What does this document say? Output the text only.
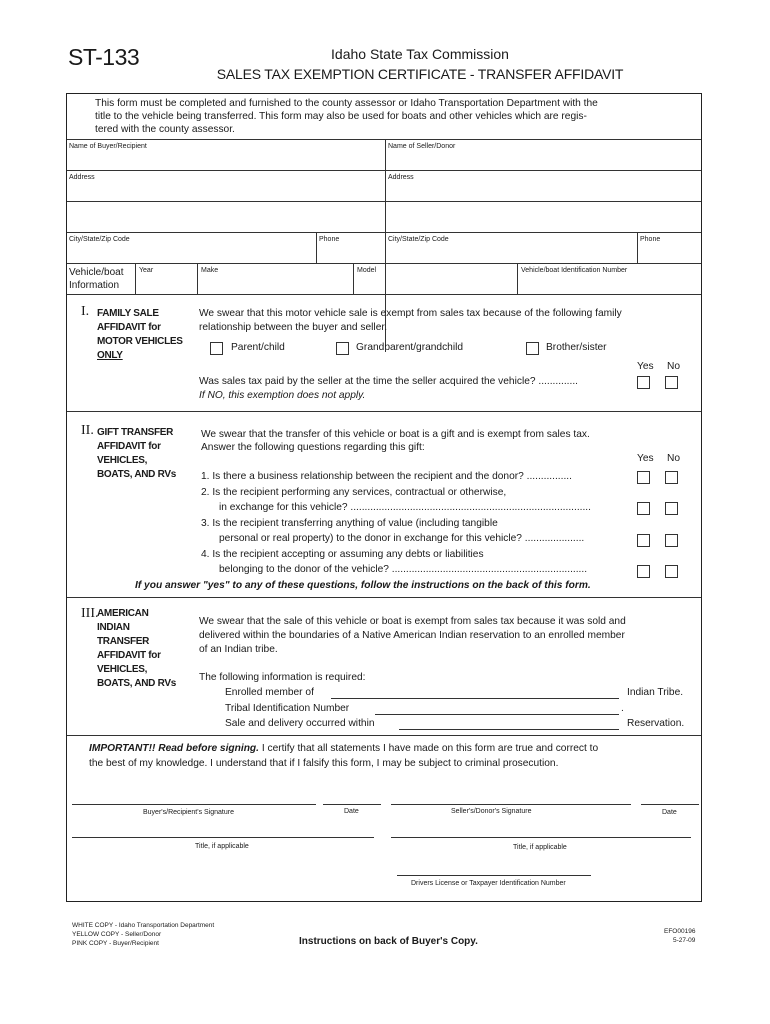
ST-133	Idaho State Tax Commission
SALES TAX EXEMPTION CERTIFICATE - TRANSFER AFFIDAVIT
This form must be completed and furnished to the county assessor or Idaho Transportation Department with the
title to the vehicle being transferred. This form may also be used for boats and other vehicles which are regis-
tered with the county assessor.
Name of Buyer/Recipient	Name of Seller/Donor
Address	Address
City/State/Zip Code	Phone	City/State/Zip Code	Phone
Vehicle/boat
Information
Year	Make	Model	Vehicle/boat Identification Number
I. FAMILY SALE
AFFIDAVIT for
MOTOR VEHICLES
ONLY
We swear that this motor vehicle sale is exempt from sales tax because of the following family
relationship between the buyer and seller.
Parent/child	Grandparent/grandchild	Brother/sister
Yes No
Was sales tax paid by the seller at the time the seller acquired the vehicle? ..............
If NO, this exemption does not apply.
II. GIFT TRANSFER
AFFIDAVIT for
VEHICLES,
BOATS, AND RVs
We swear that the transfer of this vehicle or boat is a gift and is exempt from sales tax.
Answer the following questions regarding this gift:
Yes No
1. Is there a business relationship between the recipient and the donor? ................
2. Is the recipient performing any services, contractual or otherwise,
in exchange for this vehicle? .....................................................................................
3. Is the recipient transferring anything of value (including tangible
personal or real property) to the donor in exchange for this vehicle? .....................
4. Is the recipient accepting or assuming any debts or liabilities
belonging to the donor of the vehicle? .....................................................................
If you answer "yes" to any of these questions, follow the instructions on the back of this form.
III.
AMERICAN
INDIAN
TRANSFER
AFFIDAVIT for
VEHICLES,
BOATS, AND RVs
We swear that the sale of this vehicle or boat is exempt from sales tax because it was sold and
delivered within the boundaries of a Native American Indian reservation to an enrolled member
of an Indian tribe.
The following information is required:
Enrolled member of	Indian Tribe.
Tribal Identification Number	.
Sale and delivery occurred within	Reservation.
IMPORTANT!! Read before signing. I certify that all statements I have made on this form are true and correct to
the best of my knowledge. I understand that if I falsify this form, I may be subject to criminal prosecution.
Buyer's/Recipient's Signature	Date	Seller's/Donor's Signature	Date
Title, if applicable	Title, if applicable
Drivers License or Taxpayer Identification Number
WHITE COPY - Idaho Transportation Department
YELLOW COPY - Seller/Donor
PINK COPY - Buyer/Recipient	Instructions on back of Buyer's Copy.
EFO00196
5-27-09
